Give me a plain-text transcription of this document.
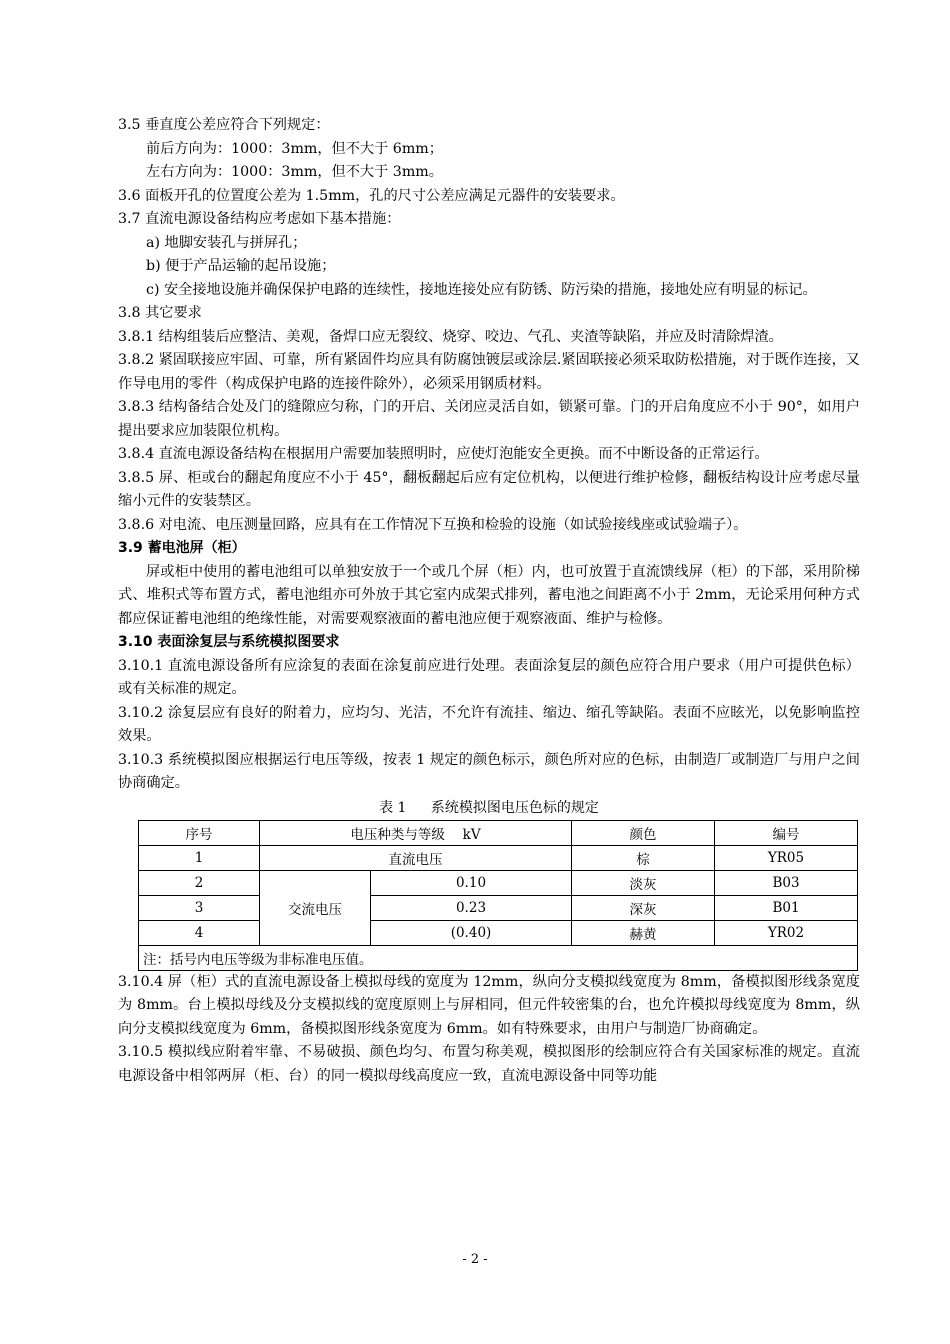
3.5 垂直度公差应符合下列规定：

前后方向为：1000：3mm，但不大于 6mm；

左右方向为：1000：3mm，但不大于 3mm。

3.6 面板开孔的位置度公差为 1.5mm，孔的尺寸公差应满足元器件的安装要求。

3.7 直流电源设备结构应考虑如下基本措施：

a) 地脚安装孔与拼屏孔；

b) 便于产品运输的起吊设施；

c) 安全接地设施并确保保护电路的连续性，接地连接处应有防锈、防污染的措施，接地处应有明显的标记。

3.8 其它要求

3.8.1 结构组装后应整洁、美观，备焊口应无裂纹、烧穿、咬边、气孔、夹渣等缺陷，并应及时清除焊渣。

3.8.2 紧固联接应牢固、可靠，所有紧固件均应具有防腐蚀镀层或涂层.紧固联接必须采取防松措施，对于既作连接，又作导电用的零件（构成保护电路的连接件除外），必须采用钢质材料。

3.8.3 结构备结合处及门的缝隙应匀称，门的开启、关闭应灵活自如，锁紧可靠。门的开启角度应不小于 90°，如用户提出要求应加装限位机构。

3.8.4 直流电源设备结构在根据用户需要加装照明时，应使灯泡能安全更换。而不中断设备的正常运行。

3.8.5 屏、柜或台的翻起角度应不小于 45°，翻板翻起后应有定位机构，以便进行维护检修，翻板结构设计应考虑尽量缩小元件的安装禁区。

3.8.6 对电流、电压测量回路，应具有在工作情况下互换和检验的设施（如试验接线座或试验端子）。

3.9 蓄电池屏（柜）

屏或柜中使用的蓄电池组可以单独安放于一个或几个屏（柜）内，也可放置于直流馈线屏（柜）的下部，采用阶梯式、堆积式等布置方式，蓄电池组亦可外放于其它室内成架式排列，蓄电池之间距离不小于 2mm，无论采用何种方式都应保证蓄电池组的绝缘性能，对需要观察液面的蓄电池应便于观察液面、维护与检修。

3.10 表面涂复层与系统模拟图要求

3.10.1 直流电源设备所有应涂复的表面在涂复前应进行处理。表面涂复层的颜色应符合用户要求（用户可提供色标）或有关标准的规定。

3.10.2 涂复层应有良好的附着力，应均匀、光洁，不允许有流挂、缩边、缩孔等缺陷。表面不应眩光，以免影响监控效果。

3.10.3 系统模拟图应根据运行电压等级，按表 1 规定的颜色标示，颜色所对应的色标，由制造厂或制造厂与用户之间协商确定。

表 1 系统模拟图电压色标的规定
序号	电压种类与等级　 kV		颜色	编号
1	直流电压		棕	YR05
2	交流电压	0.10	淡灰	B03
3		0.23	深灰	B01
4		(0.40)	赫黄	YR02
注：括号内电压等级为非标准电压值。				

3.10.4 屏（柜）式的直流电源设备上模拟母线的宽度为 12mm，纵向分支模拟线宽度为 8mm，备模拟图形线条宽度为 8mm。台上模拟母线及分支模拟线的宽度原则上与屏相同，但元件较密集的台，也允许模拟母线宽度为 8mm，纵向分支模拟线宽度为 6mm，备模拟图形线条宽度为 6mm。如有特殊要求，由用户与制造厂协商确定。

3.10.5 模拟线应附着牢靠、不易破损、颜色均匀、布置匀称美观，模拟图形的绘制应符合有关国家标准的规定。直流电源设备中相邻两屏（柜、台）的同一模拟母线高度应一致，直流电源设备中同等功能

- 2 -
